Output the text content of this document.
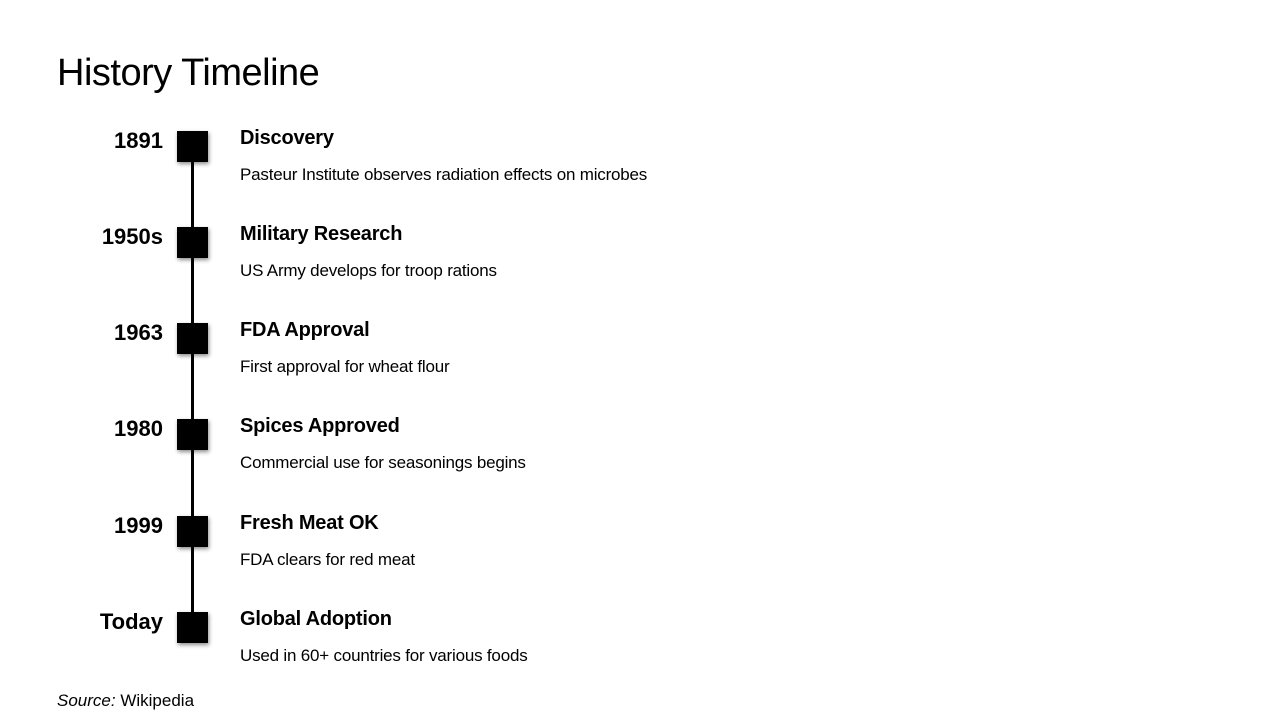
History Timeline
1891	Discovery
Pasteur Institute observes radiation effects on microbes
1950s	Military Research
US Army develops for troop rations
1963	FDA Approval
First approval for wheat flour
1980	Spices Approved
Commercial use for seasonings begins
1999	Fresh Meat OK
FDA clears for red meat
Today	Global Adoption
Used in 60+ countries for various foods
Source: Wikipedia
